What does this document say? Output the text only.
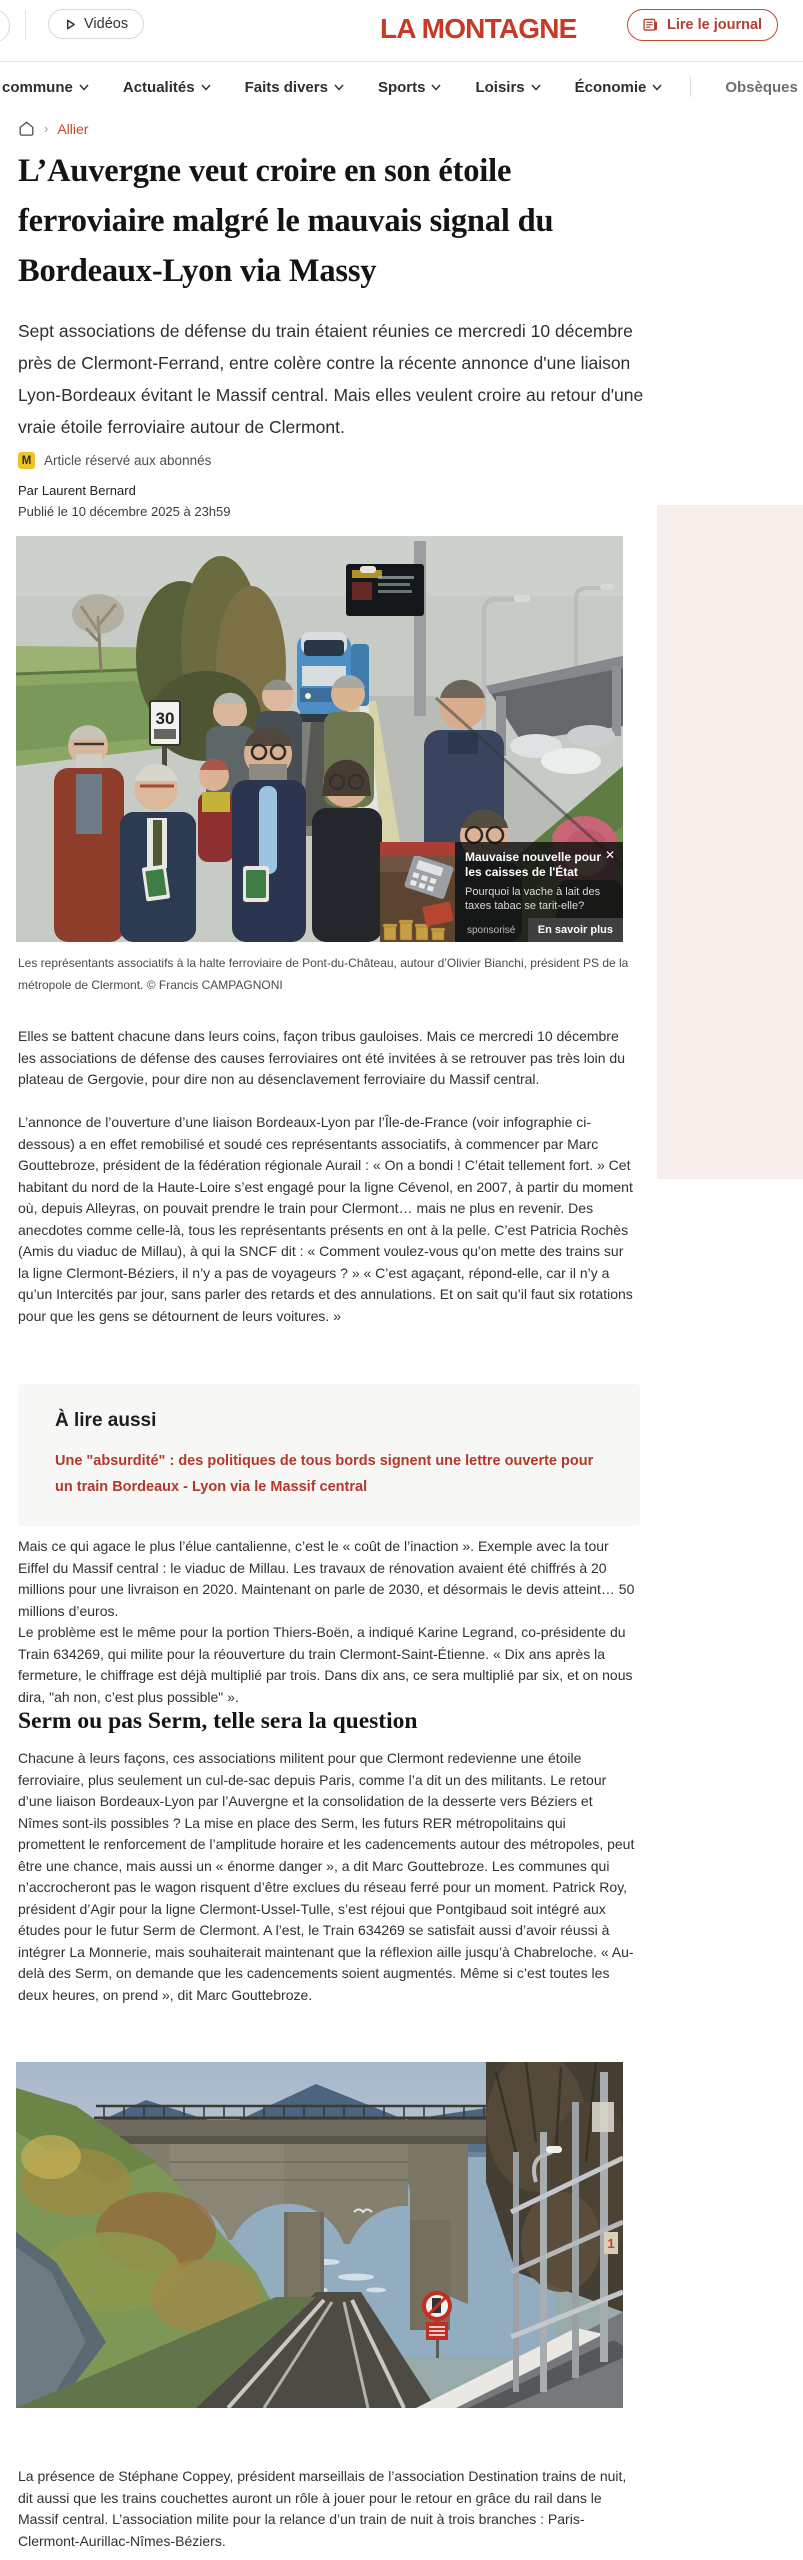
Vidéos	LA MONTAGNE	Lire le journal
commune	Actualités	Faits divers	Sports	Loisirs	Économie	Obsèques
› Allier
L’Auvergne veut croire en son étoile ferroviaire malgré le mauvais signal du Bordeaux-Lyon via Massy

Sept associations de défense du train étaient réunies ce mercredi 10 décembre près de Clermont-Ferrand, entre colère contre la récente annonce d'une liaison Lyon-Bordeaux évitant le Massif central. Mais elles veulent croire au retour d'une vraie étoile ferroviaire autour de Clermont.

M Article réservé aux abonnés
Par Laurent Bernard
Publié le 10 décembre 2025 à 23h59
30
✕
Mauvaise nouvelle pour les caisses de l'État
Pourquoi la vache à lait des taxes tabac se tarit-elle?
sponsorisé	En savoir plus
Les représentants associatifs à la halte ferroviaire de Pont-du-Château, autour d’Olivier Bianchi, président PS de la métropole de Clermont. © Francis CAMPAGNONI

Elles se battent chacune dans leurs coins, façon tribus gauloises. Mais ce mercredi 10 décembre les associations de défense des causes ferroviaires ont été invitées à se retrouver pas très loin du plateau de Gergovie, pour dire non au désenclavement ferroviaire du Massif central.

L’annonce de l’ouverture d’une liaison Bordeaux-Lyon par l’Île-de-France (voir infographie ci-dessous) a en effet remobilisé et soudé ces représentants associatifs, à commencer par Marc Gouttebroze, président de la fédération régionale Aurail : « On a bondi ! C’était tellement fort. » Cet habitant du nord de la Haute-Loire s’est engagé pour la ligne Cévenol, en 2007, à partir du moment où, depuis Alleyras, on pouvait prendre le train pour Clermont… mais ne plus en revenir. Des anecdotes comme celle-là, tous les représentants présents en ont à la pelle. C’est Patricia Rochès (Amis du viaduc de Millau), à qui la SNCF dit : « Comment voulez-vous qu’on mette des trains sur la ligne Clermont-Béziers, il n’y a pas de voyageurs ? » « C’est agaçant, répond-elle, car il n’y a qu’un Intercités par jour, sans parler des retards et des annulations. Et on sait qu’il faut six rotations pour que les gens se détournent de leurs voitures. »

À lire aussi
Une "absurdité" : des politiques de tous bords signent une lettre ouverte pour un train Bordeaux - Lyon via le Massif central

Mais ce qui agace le plus l’élue cantalienne, c’est le « coût de l’inaction ». Exemple avec la tour Eiffel du Massif central : le viaduc de Millau. Les travaux de rénovation avaient été chiffrés à 20 millions pour une livraison en 2020. Maintenant on parle de 2030, et désormais le devis atteint… 50 millions d’euros.

Le problème est le même pour la portion Thiers-Boën, a indiqué Karine Legrand, co-présidente du Train 634269, qui milite pour la réouverture du train Clermont-Saint-Étienne. « Dix ans après la fermeture, le chiffrage est déjà multiplié par trois. Dans dix ans, ce sera multiplié par six, et on nous dira, "ah non, c’est plus possible" ».

Serm ou pas Serm, telle sera la question

Chacune à leurs façons, ces associations militent pour que Clermont redevienne une étoile ferroviaire, plus seulement un cul-de-sac depuis Paris, comme l’a dit un des militants. Le retour d’une liaison Bordeaux-Lyon par l’Auvergne et la consolidation de la desserte vers Béziers et Nîmes sont-ils possibles ? La mise en place des Serm, les futurs RER métropolitains qui promettent le renforcement de l’amplitude horaire et les cadencements autour des métropoles, peut être une chance, mais aussi un « énorme danger », a dit Marc Gouttebroze. Les communes qui n’accrocheront pas le wagon risquent d’être exclues du réseau ferré pour un moment. Patrick Roy, président d’Agir pour la ligne Clermont-Ussel-Tulle, s’est réjoui que Pontgibaud soit intégré aux études pour le futur Serm de Clermont. A l’est, le Train 634269 se satisfait aussi d’avoir réussi à intégrer La Monnerie, mais souhaiterait maintenant que la réflexion aille jusqu’à Chabreloche. « Au-delà des Serm, on demande que les cadencements soient augmentés. Même si c’est toutes les deux heures, on prend », dit Marc Gouttebroze.

1

La présence de Stéphane Coppey, président marseillais de l’association Destination trains de nuit, dit aussi que les trains couchettes auront un rôle à jouer pour le retour en grâce du rail dans le Massif central. L’association milite pour la relance d’un train de nuit à trois branches : Paris-Clermont-Aurillac-Nîmes-Béziers.
